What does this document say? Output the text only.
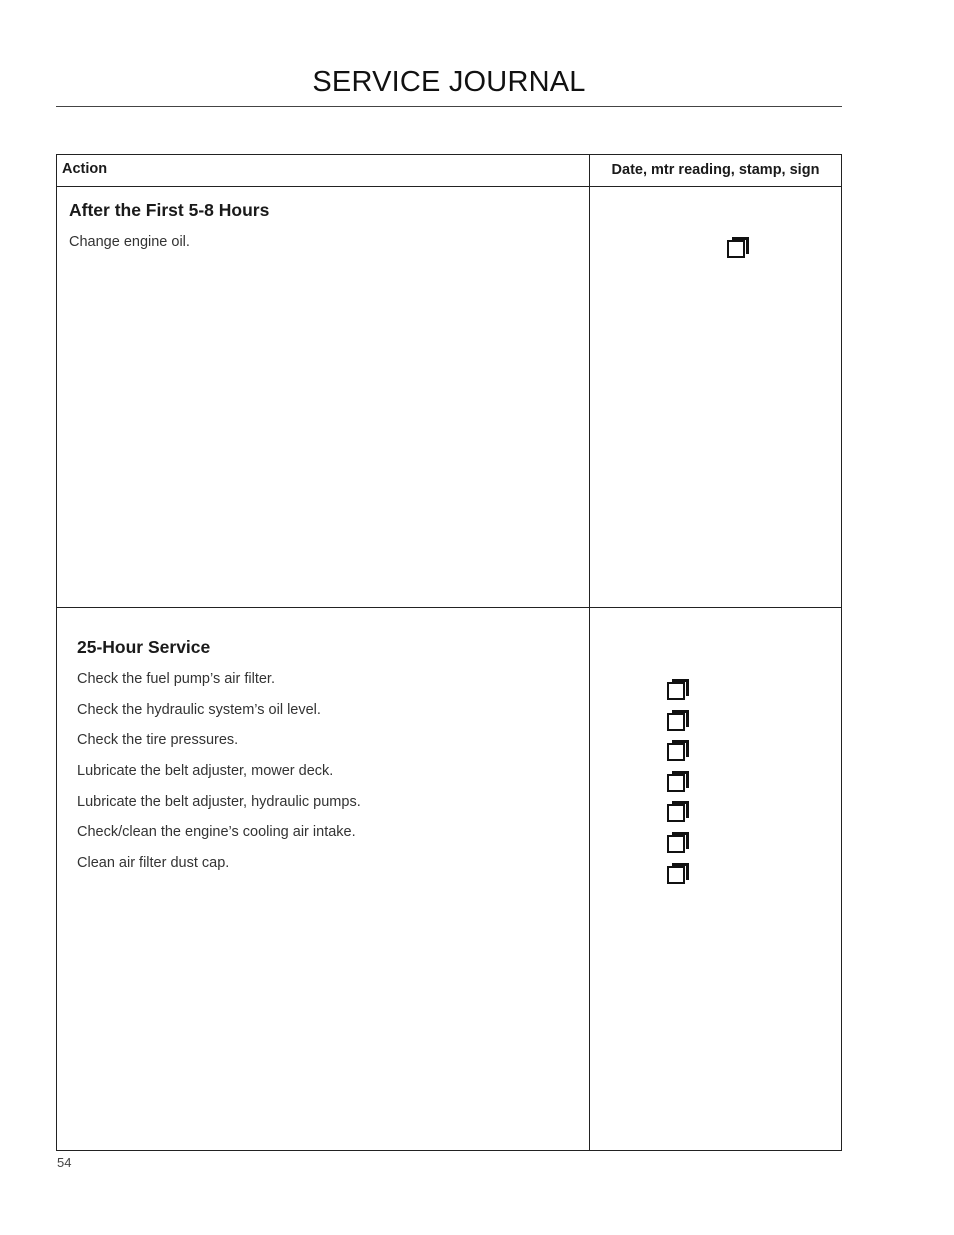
SERVICE JOURNAL
Action	Date, mtr reading, stamp, sign
After the First 5-8 Hours
Change engine oil.
25-Hour Service
Check the fuel pump’s air filter.
Check the hydraulic system’s oil level.
Check the tire pressures.
Lubricate the belt adjuster, mower deck.
Lubricate the belt adjuster, hydraulic pumps.
Check/clean the engine’s cooling air intake.
Clean air filter dust cap.
54
